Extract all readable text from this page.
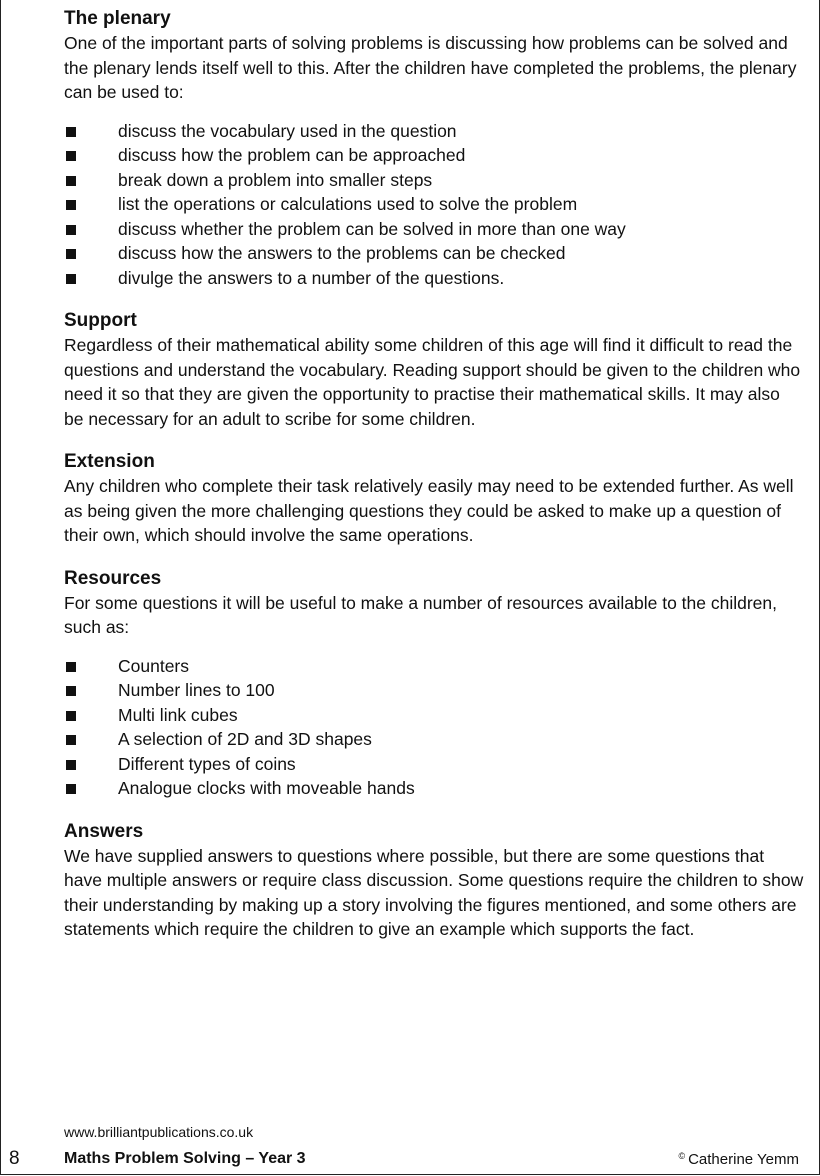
The plenary

One of the important parts of solving problems is discussing how problems can be solved and the plenary lends itself well to this. After the children have completed the problems, the plenary can be used to:

discuss the vocabulary used in the question
discuss how the problem can be approached
break down a problem into smaller steps
list the operations or calculations used to solve the problem
discuss whether the problem can be solved in more than one way
discuss how the answers to the problems can be checked
divulge the answers to a number of the questions.
Support

Regardless of their mathematical ability some children of this age will find it difficult to read the questions and understand the vocabulary. Reading support should be given to the children who need it so that they are given the opportunity to practise their mathematical skills. It may also be necessary for an adult to scribe for some children.

Extension

Any children who complete their task relatively easily may need to be extended further. As well as being given the more challenging questions they could be asked to make up a question of their own, which should involve the same operations.

Resources

For some questions it will be useful to make a number of resources available to the children, such as:

Counters
Number lines to 100
Multi link cubes
A selection of 2D and 3D shapes
Different types of coins
Analogue clocks with moveable hands
Answers

We have supplied answers to questions where possible, but there are some questions that have multiple answers or require class discussion. Some questions require the children to show their understanding by making up a story involving the figures mentioned, and some others are statements which require the children to give an example which supports the fact.

www.brilliantpublications.co.uk
8	Maths Problem Solving – Year 3	© Catherine Yemm
